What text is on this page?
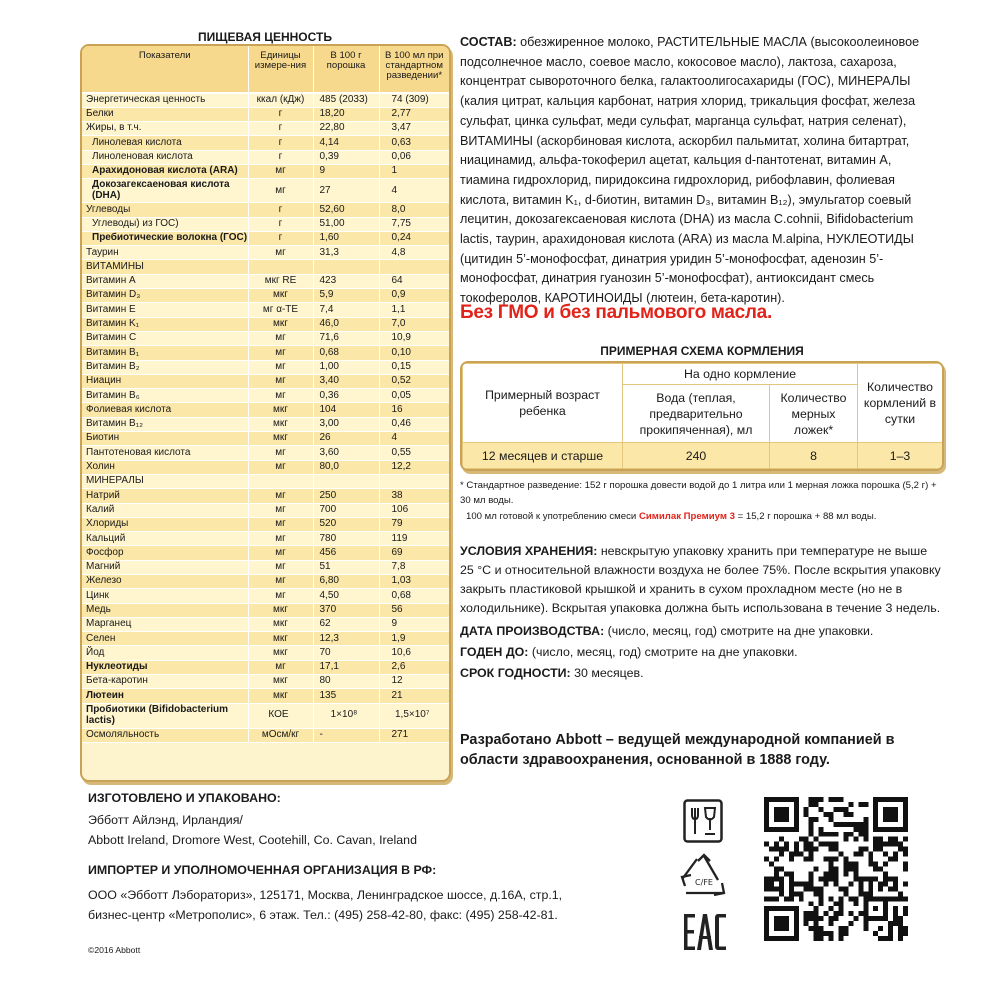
ПИЩЕВАЯ ЦЕННОСТЬ
Показатели	Единицы измере-ния	В 100 г порошка	В 100 мл при стандартном разведении*
Энергетическая ценность	ккал (кДж)	485 (2033)	74 (309)
Белки	г	18,20	2,77
Жиры, в т.ч.	г	22,80	3,47
Линолевая кислота	г	4,14	0,63
Линоленовая кислота	г	0,39	0,06
Арахидоновая кислота (ARA)	мг	9	1
Докозагексаеновая кислота (DHA)	мг	27	4
Углеводы	г	52,60	8,0
Углеводы) из ГОС)	г	51,00	7,75
Пребиотические волокна (ГОС)	г	1,60	0,24
Таурин	мг	31,3	4,8
ВИТАМИНЫ			
Витамин А	мкг RE	423	64
Витамин D₃	мкг	5,9	0,9
Витамин Е	мг α-TE	7,4	1,1
Витамин K₁	мкг	46,0	7,0
Витамин С	мг	71,6	10,9
Витамин B₁	мг	0,68	0,10
Витамин B₂	мг	1,00	0,15
Ниацин	мг	3,40	0,52
Витамин B₆	мг	0,36	0,05
Фолиевая кислота	мкг	104	16
Витамин B₁₂	мкг	3,00	0,46
Биотин	мкг	26	4
Пантотеновая кислота	мг	3,60	0,55
Холин	мг	80,0	12,2
МИНЕРАЛЫ			
Натрий	мг	250	38
Калий	мг	700	106
Хлориды	мг	520	79
Кальций	мг	780	119
Фосфор	мг	456	69
Магний	мг	51	7,8
Железо	мг	6,80	1,03
Цинк	мг	4,50	0,68
Медь	мкг	370	56
Марганец	мкг	62	9
Селен	мкг	12,3	1,9
Йод	мкг	70	10,6
Нуклеотиды	мг	17,1	2,6
Бета-каротин	мкг	80	12
Лютеин	мкг	135	21
Пробиотики (Bifidobacterium lactis)	КОЕ	1×10⁸	1,5×10⁷
Осмоляльность	мОсм/кг	-	271
СОСТАВ: обезжиренное молоко, РАСТИТЕЛЬНЫЕ МАСЛА (высокоолеиновое подсолнечное масло, соевое масло, кокосовое масло), лактоза, сахароза, концентрат сывороточного белка, галактоолигосахариды (ГОС), МИНЕРАЛЫ (калия цитрат, кальция карбонат, натрия хлорид, трикальция фосфат, железа сульфат, цинка сульфат, меди сульфат, марганца сульфат, натрия селенат), ВИТАМИНЫ (аскорбиновая кислота, аскорбил пальмитат, холина битартрат, ниацинамид, альфа-токоферил ацетат, кальция d-пантотенат, витамин А, тиамина гидрохлорид, пиридоксина гидрохлорид, рибофлавин, фолиевая кислота, витамин K₁, d-биотин, витамин D₃, витамин B₁₂), эмульгатор соевый лецитин, докозагексаеновая кислота (DHA) из масла C.cohnii, Bifidobacterium lactis, таурин, арахидоновая кислота (ARA) из масла M.alpina, НУКЛЕОТИДЫ (цитидин 5’-монофосфат, динатрия уридин 5’-монофосфат, аденозин 5’-монофосфат, динатрия гуанозин 5’-монофосфат), антиоксидант смесь токоферолов, КАРОТИНОИДЫ (лютеин, бета-каротин).
Без ГМО и без пальмового масла.
ПРИМЕРНАЯ СХЕМА КОРМЛЕНИЯ
Примерный возраст ребенка	На одно кормление		Количество кормлений в сутки
	Вода (теплая, предварительно прокипяченная), мл	Количество мерных ложек*	
12 месяцев и старше	240	8	1–3
* Стандартное разведение: 152 г порошка довести водой до 1 литра или 1 мерная ложка порошка (5,2 г) + 30 мл воды.
100 мл готовой к употреблению смеси Симилак Премиум 3 = 15,2 г порошка + 88 мл воды.
УСЛОВИЯ ХРАНЕНИЯ: невскрытую упаковку хранить при температуре не выше 25 °С и относительной влажности воздуха не более 75%. После вскрытия упаковку закрыть пластиковой крышкой и хранить в сухом прохладном месте (но не в холодильнике). Вскрытая упаковка должна быть использована в течение 3 недель.
ДАТА ПРОИЗВОДСТВА: (число, месяц, год) смотрите на дне упаковки.
ГОДЕН ДО: (число, месяц, год) смотрите на дне упаковки.
СРОК ГОДНОСТИ: 30 месяцев.
Разработано Abbott – ведущей международной компанией в области здравоохранения, основанной в 1888 году.
ИЗГОТОВЛЕНО И УПАКОВАНО:
Эбботт Айлэнд, Ирландия/
Abbott Ireland, Dromore West, Cootehill, Co. Cavan, Ireland
ИМПОРТЕР И УПОЛНОМОЧЕННАЯ ОРГАНИЗАЦИЯ В РФ:
ООО «Эбботт Лэбораториз», 125171, Москва, Ленинградское шоссе, д.16А, стр.1,
бизнес-центр «Метрополис», 6 этаж. Тел.: (495) 258-42-80, факс: (495) 258-42-81.
©2016 Abbott
C/FE
